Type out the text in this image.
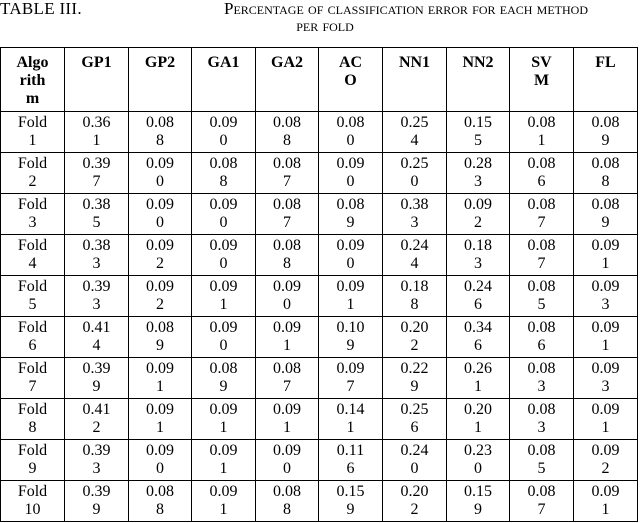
TABLE III.	Percentage of classification error for each method
per fold
Algorithm	GP1	GP2	GA1	GA2	ACO	NN1	NN2	SVM	FL

Fold 1	0.361	0.088	0.090	0.088	0.080	0.254	0.155	0.081	0.089

Fold 2	0.397	0.090	0.088	0.087	0.090	0.250	0.283	0.086	0.088

Fold 3	0.385	0.090	0.090	0.087	0.089	0.383	0.092	0.087	0.089

Fold 4	0.383	0.092	0.090	0.088	0.090	0.244	0.183	0.087	0.091

Fold 5	0.393	0.092	0.091	0.090	0.091	0.188	0.246	0.085	0.093

Fold 6	0.414	0.089	0.090	0.091	0.109	0.202	0.346	0.086	0.091

Fold 7	0.399	0.091	0.089	0.087	0.097	0.229	0.261	0.083	0.093

Fold 8	0.412	0.091	0.091	0.091	0.141	0.256	0.201	0.083	0.091

Fold 9	0.393	0.090	0.091	0.090	0.116	0.240	0.230	0.085	0.092

Fold 10	0.399	0.088	0.091	0.088	0.159	0.202	0.159	0.087	0.091
